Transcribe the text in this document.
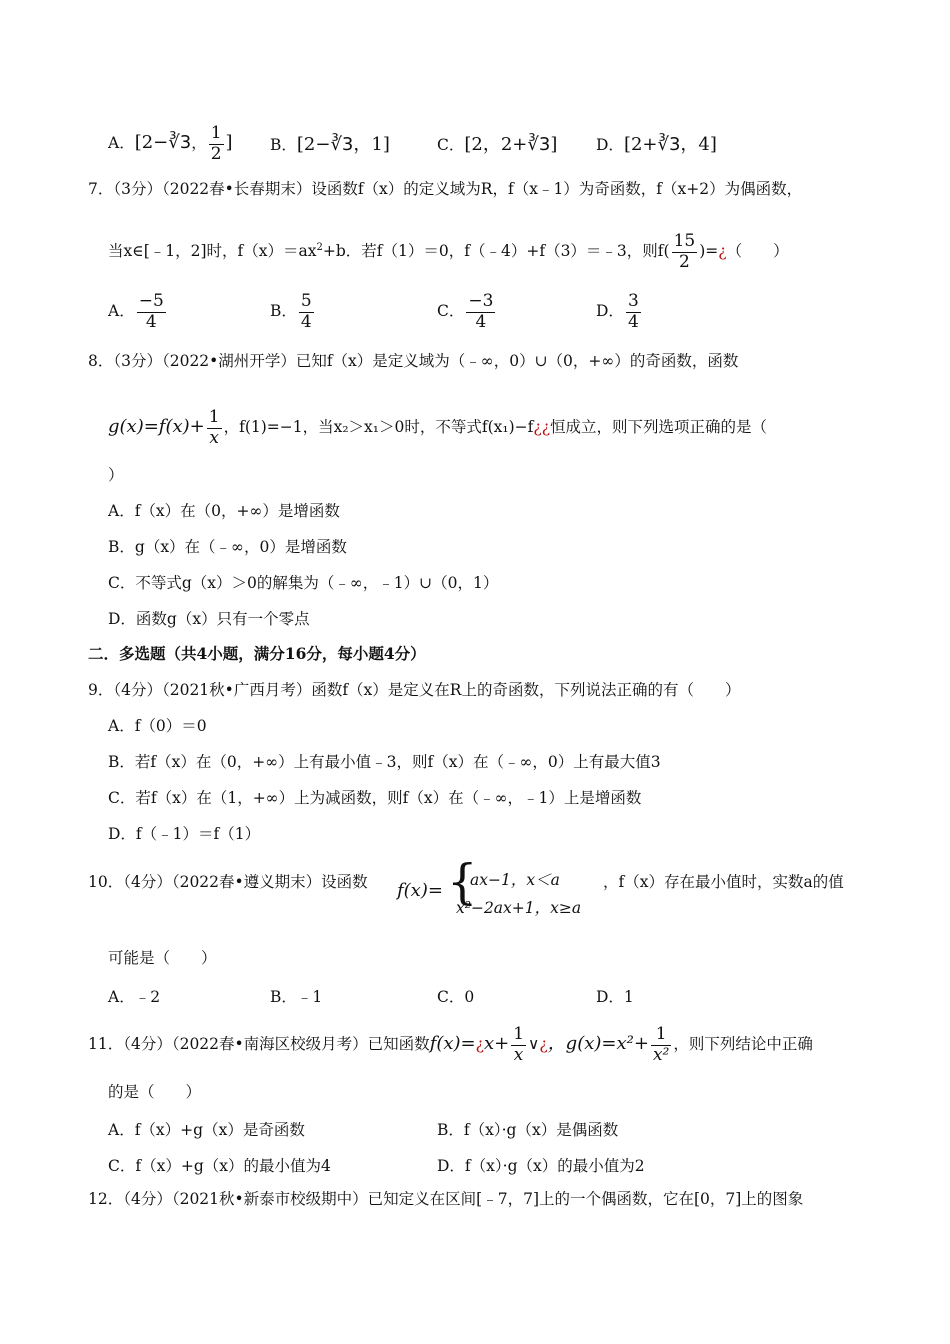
A．[2−∛3， $\frac{1}{2}$ ] B．[2−∛3，1]	C．[2，2+∛3] D．[2+∛3，4]
7．（3分）（2022春•长春期末）设函数f（x）的定义域为R，f（x﹣1）为奇函数，f（x+2）为偶函数，
当x∈[﹣1，2]时，$f(x)=ax^2+b$．若f（1）＝0，f（﹣4）+f（3）＝﹣3，则$f( \frac{15}{2}$ )=¿（　　）
A． $\frac{-5}{4}$	B． $\frac{5}{4}$	C． $\frac{-3}{4}$	D． $\frac{3}{4}$
8．（3分）（2022•湖州开学）已知f（x）是定义域为（﹣∞，0）∪（0，+∞）的奇函数，函数
$g(x)=f(x)+ \frac{1}{x}$ ，f(1)=−1，当x₂＞x₁＞0时，不等式f(x₁)−f¿¿恒成立，则下列选项正确的是（
）
A．f（x）在（0，+∞）是增函数
B．g（x）在（﹣∞，0）是增函数
C．不等式g（x）＞0的解集为（﹣∞，﹣1）∪（0，1）
D．函数g（x）只有一个零点
二．多选题（共4小题，满分16分，每小题4分）
9．（4分）（2021秋•广西月考）函数f（x）是定义在R上的奇函数，下列说法正确的有（　　）
A．f（0）＝0
B．若f（x）在（0，+∞）上有最小值﹣3，则f（x）在（﹣∞，0）上有最大值3
C．若f（x）在（1，+∞）上为减函数，则f（x）在（﹣∞，﹣1）上是增函数
D．f（﹣1）＝f（1）
10．（4分）（2022春•遵义期末）设函数 f(x)= {
ax−1，x＜a
x²−2ax+1，x≥a
，f（x）存在最小值时，实数a的值
可能是（　　）
A．﹣2	B．﹣1	C．0	D．1
11．（4分）（2022春•南海区校级月考）已知函数f(x)=¿x+ $\frac{1}{x}$ ∨¿，$g(x)=x^2+ \frac{1}{\text{x²}}$ ，则下列结论中正确
的是（　　）
A．f（x）+g（x）是奇函数	B．f（x）·g（x）是偶函数
C．f（x）+g（x）的最小值为4	D．f（x）·g（x）的最小值为2
12．（4分）（2021秋•新泰市校级期中）已知定义在区间[﹣7，7]上的一个偶函数，它在[0，7]上的图象
